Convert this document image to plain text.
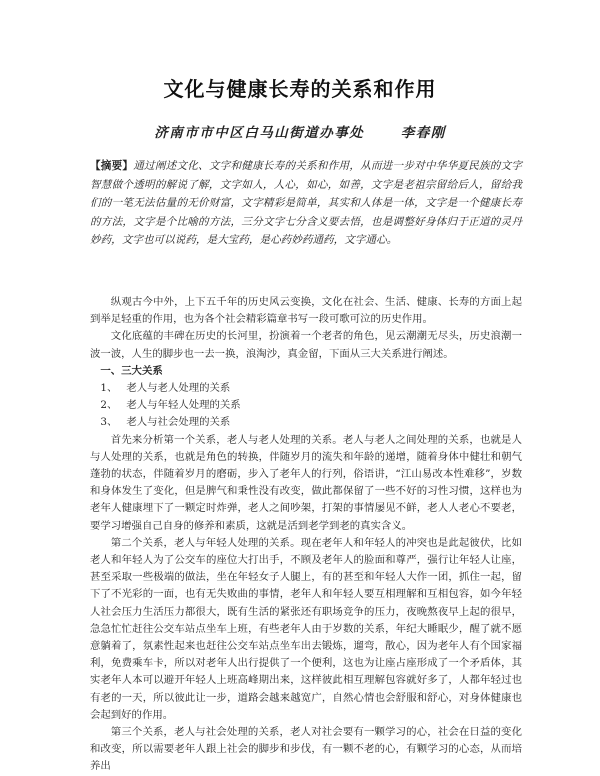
文化与健康长寿的关系和作用
济南市市中区白马山街道办事处	李春刚
【摘要】通过阐述文化、文字和健康长寿的关系和作用，从而进一步对中华华夏民族的文字智慧做个透明的解说了解，文字如人，人心，如心，如善，文字是老祖宗留给后人，留给我们的一笔无法估量的无价财富，文字精彩是简单，其实和人体是一体，文字是一个健康长寿的方法，文字是个比喻的方法，三分文字七分含义要去悟，也是调整好身体归于正道的灵丹妙药，文字也可以说药，是大宝药，是心药妙药通药，文字通心。

纵观古今中外，上下五千年的历史风云变换，文化在社会、生活、健康、长寿的方面上起到举足轻重的作用，也为各个社会精彩篇章书写一段可歌可泣的历史作用。

文化底蕴的丰碑在历史的长河里，扮演着一个老者的角色，见云潮潮无尽头，历史浪潮一波一波，人生的脚步也一去一换，浪淘沙，真金留，下面从三大关系进行阐述。

一、三大关系

1、 老人与老人处理的关系

2、 老人与年轻人处理的关系

3、 老人与社会处理的关系

首先来分析第一个关系，老人与老人处理的关系。老人与老人之间处理的关系，也就是人与人处理的关系，也就是角色的转换，伴随岁月的流失和年龄的递增，随着身体中健壮和朝气蓬勃的状态，伴随着岁月的磨砺，步入了老年人的行列，俗语讲，“江山易改本性难移”，岁数和身体发生了变化，但是脾气和秉性没有改变，做此都保留了一些不好的习性习惯，这样也为老年人健康埋下了一颗定时炸弹，老人之间吵架，打架的事情屡见不鲜，老人人老心不要老，要学习增强自己自身的修养和素质，这就是活到老学到老的真实含义。

第二个关系，老人与年轻人处理的关系。现在老年人和年轻人的冲突也是此起彼伏，比如老人和年轻人为了公交车的座位大打出手，不顾及老年人的脸面和尊严，强行让年轻人让座，甚至采取一些极端的做法，坐在年轻女子人腿上，有的甚至和年轻人大作一团，抓住一起，留下了不光彩的一面，也有无失败曲的事情，老年人和年轻人要互相理解和互相包容，如今年轻人社会压力生活压力都很大，既有生活的紧张还有职场竞争的压力，夜晚熬夜早上起的很早，急急忙忙赶往公交车站点坐车上班，有些老年人由于岁数的关系，年纪大睡眠少，醒了就不愿意躺着了，氛素性起来也赶往公交车站点坐车出去锻炼，遛弯，散心，因为老年人有个国家福利，免费乘车卡，所以对老年人出行提供了一个便利，这也为让座占座形成了一个矛盾体，其实老年人本可以避开年轻人上班高峰期出来，这样彼此相互理解包容就好多了，人都年轻过也有老的一天，所以彼此让一步，道路会越来越宽广，自然心情也会舒服和舒心，对身体健康也会起到好的作用。

第三个关系，老人与社会处理的关系，老人对社会要有一颗学习的心，社会在日益的变化和改变，所以需要老年人跟上社会的脚步和步伐，有一颗不老的心，有颗学习的心态，从而培养出
